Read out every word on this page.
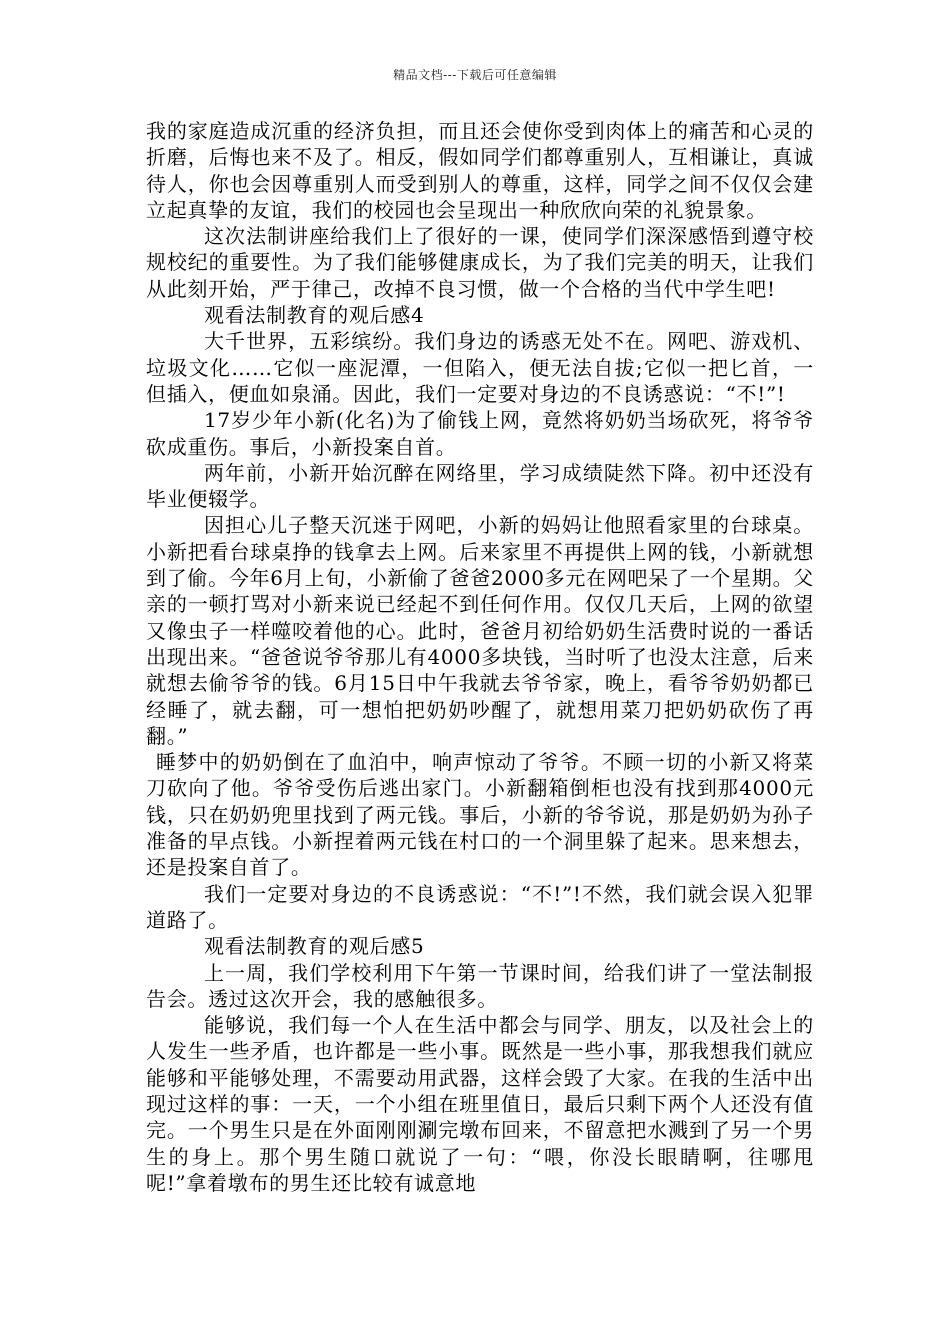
精品文档---下载后可任意编辑

我的家庭造成沉重的经济负担，而且还会使你受到肉体上的痛苦和心灵的折磨，后悔也来不及了。相反，假如同学们都尊重别人，互相谦让，真诚待人，你也会因尊重别人而受到别人的尊重，这样，同学之间不仅仅会建立起真挚的友谊，我们的校园也会呈现出一种欣欣向荣的礼貌景象。

这次法制讲座给我们上了很好的一课，使同学们深深感悟到遵守校规校纪的重要性。为了我们能够健康成长，为了我们完美的明天，让我们从此刻开始，严于律己，改掉不良习惯，做一个合格的当代中学生吧!

观看法制教育的观后感4

大千世界，五彩缤纷。我们身边的诱惑无处不在。网吧、游戏机、垃圾文化……它似一座泥潭，一但陷入，便无法自拔;它似一把匕首，一但插入，便血如泉涌。因此，我们一定要对身边的不良诱惑说：“不!”!

17岁少年小新(化名)为了偷钱上网，竟然将奶奶当场砍死，将爷爷砍成重伤。事后，小新投案自首。

两年前，小新开始沉醉在网络里，学习成绩陡然下降。初中还没有毕业便辍学。

因担心儿子整天沉迷于网吧，小新的妈妈让他照看家里的台球桌。小新把看台球桌挣的钱拿去上网。后来家里不再提供上网的钱，小新就想到了偷。今年6月上旬，小新偷了爸爸2000多元在网吧呆了一个星期。父亲的一顿打骂对小新来说已经起不到任何作用。仅仅几天后，上网的欲望又像虫子一样噬咬着他的心。此时，爸爸月初给奶奶生活费时说的一番话出现出来。“爸爸说爷爷那儿有4000多块钱，当时听了也没太注意，后来就想去偷爷爷的钱。6月15日中午我就去爷爷家，晚上，看爷爷奶奶都已经睡了，就去翻，可一想怕把奶奶吵醒了，就想用菜刀把奶奶砍伤了再翻。”

睡梦中的奶奶倒在了血泊中，响声惊动了爷爷。不顾一切的小新又将菜刀砍向了他。爷爷受伤后逃出家门。小新翻箱倒柜也没有找到那4000元钱，只在奶奶兜里找到了两元钱。事后，小新的爷爷说，那是奶奶为孙子准备的早点钱。小新捏着两元钱在村口的一个洞里躲了起来。思来想去，还是投案自首了。

我们一定要对身边的不良诱惑说：“不!”!不然，我们就会误入犯罪道路了。

观看法制教育的观后感5

上一周，我们学校利用下午第一节课时间，给我们讲了一堂法制报告会。透过这次开会，我的感触很多。

能够说，我们每一个人在生活中都会与同学、朋友，以及社会上的人发生一些矛盾，也许都是一些小事。既然是一些小事，那我想我们就应能够和平能够处理，不需要动用武器，这样会毁了大家。在我的生活中出现过这样的事：一天，一个小组在班里值日，最后只剩下两个人还没有值完。一个男生只是在外面刚刚涮完墩布回来，不留意把水溅到了另一个男生的身上。那个男生随口就说了一句：“喂，你没长眼睛啊，往哪甩呢!”拿着墩布的男生还比较有诚意地
